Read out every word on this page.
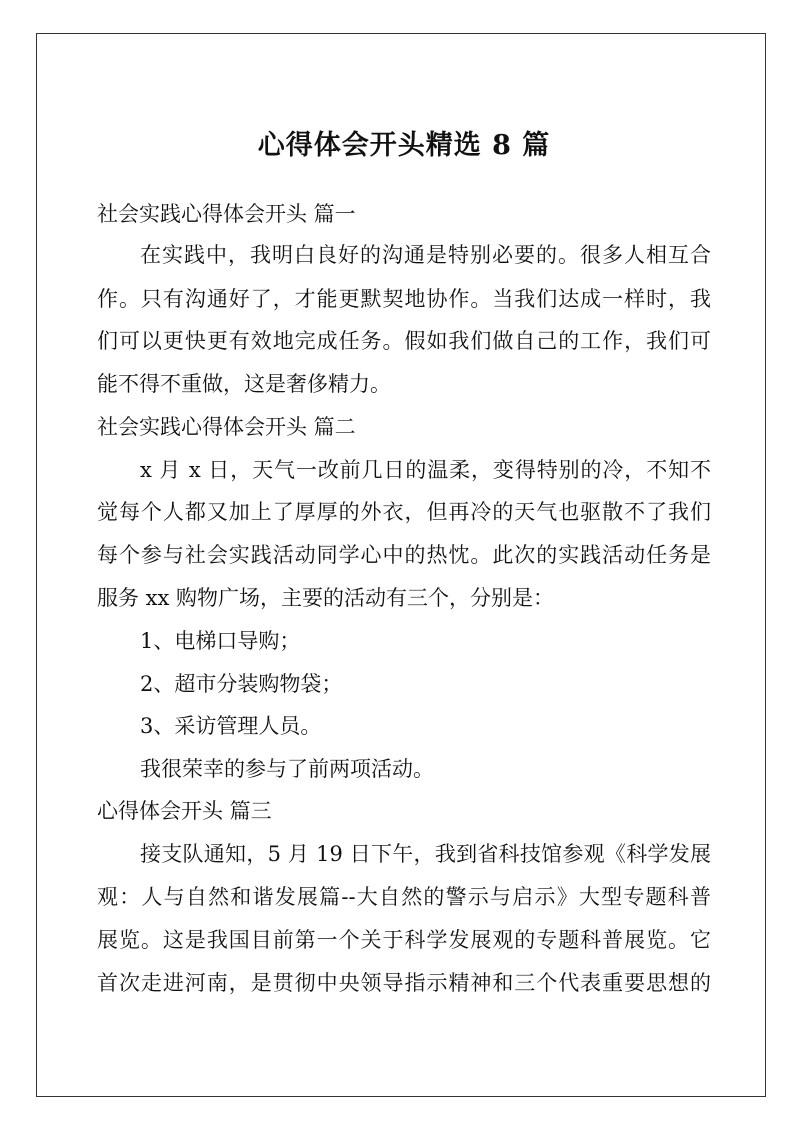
心得体会开头精选 8 篇
社会实践心得体会开头 篇一
在实践中，我明白良好的沟通是特别必要的。很多人相互合
作。只有沟通好了，才能更默契地协作。当我们达成一样时，我
们可以更快更有效地完成任务。假如我们做自己的工作，我们可
能不得不重做，这是奢侈精力。
社会实践心得体会开头 篇二
x 月 x 日，天气一改前几日的温柔，变得特别的冷，不知不
觉每个人都又加上了厚厚的外衣，但再冷的天气也驱散不了我们
每个参与社会实践活动同学心中的热忱。此次的实践活动任务是
服务 xx 购物广场，主要的活动有三个，分别是：
1、电梯口导购；
2、超市分装购物袋；
3、采访管理人员。
我很荣幸的参与了前两项活动。
心得体会开头 篇三
接支队通知，5 月 19 日下午，我到省科技馆参观《科学发展
观：人与自然和谐发展篇--大自然的警示与启示》大型专题科普
展览。这是我国目前第一个关于科学发展观的专题科普展览。它
首次走进河南，是贯彻中央领导指示精神和三个代表重要思想的
